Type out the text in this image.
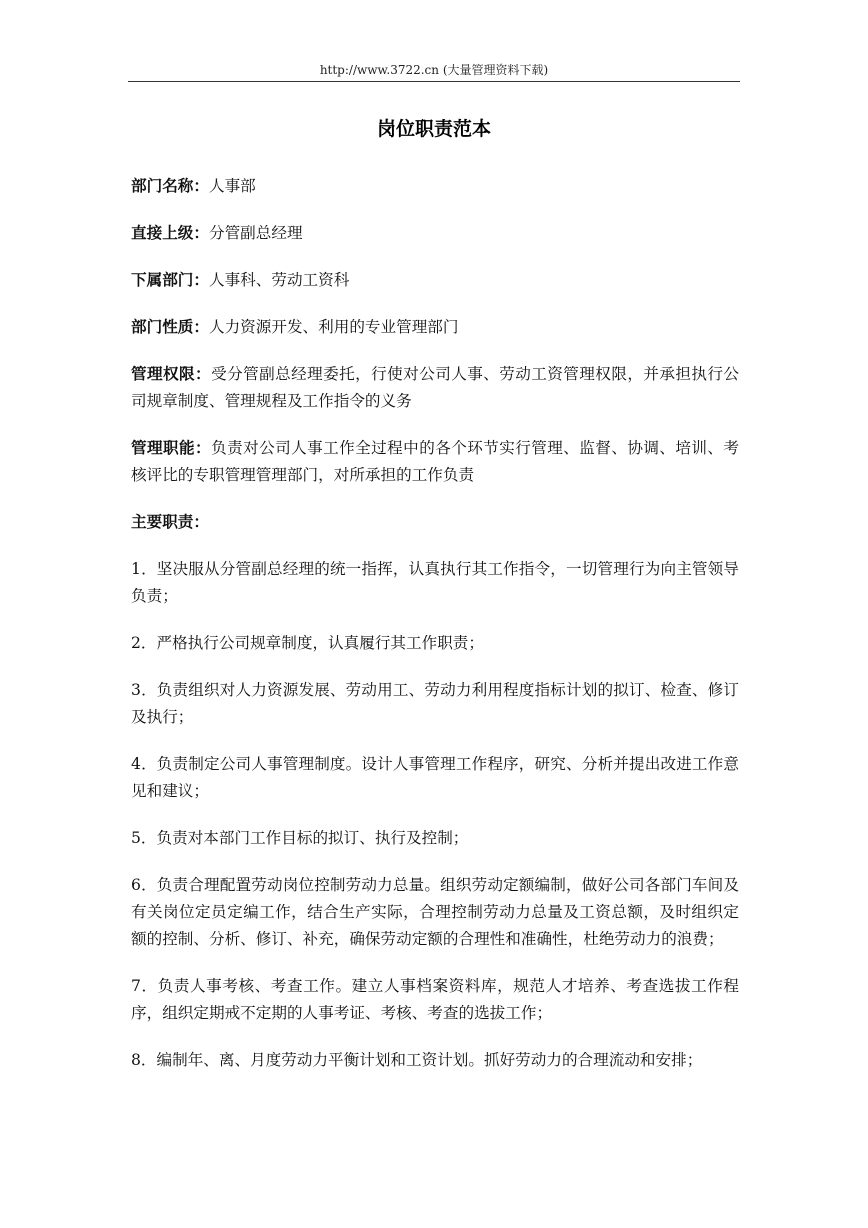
http://www.3722.cn (大量管理资料下载)
岗位职责范本

部门名称：人事部

直接上级：分管副总经理

下属部门：人事科、劳动工资科

部门性质：人力资源开发、利用的专业管理部门

管理权限：受分管副总经理委托，行使对公司人事、劳动工资管理权限，并承担执行公司规章制度、管理规程及工作指令的义务

管理职能：负责对公司人事工作全过程中的各个环节实行管理、监督、协调、培训、考核评比的专职管理管理部门，对所承担的工作负责

主要职责：

1．坚决服从分管副总经理的统一指挥，认真执行其工作指令，一切管理行为向主管领导负责；

2．严格执行公司规章制度，认真履行其工作职责；

3．负责组织对人力资源发展、劳动用工、劳动力利用程度指标计划的拟订、检查、修订及执行；

4．负责制定公司人事管理制度。设计人事管理工作程序，研究、分析并提出改进工作意见和建议；

5．负责对本部门工作目标的拟订、执行及控制；

6．负责合理配置劳动岗位控制劳动力总量。组织劳动定额编制，做好公司各部门车间及有关岗位定员定编工作，结合生产实际，合理控制劳动力总量及工资总额，及时组织定额的控制、分析、修订、补充，确保劳动定额的合理性和准确性，杜绝劳动力的浪费；

7．负责人事考核、考查工作。建立人事档案资料库，规范人才培养、考查选拔工作程序，组织定期戒不定期的人事考证、考核、考查的选拔工作；

8．编制年、离、月度劳动力平衡计划和工资计划。抓好劳动力的合理流动和安排；
